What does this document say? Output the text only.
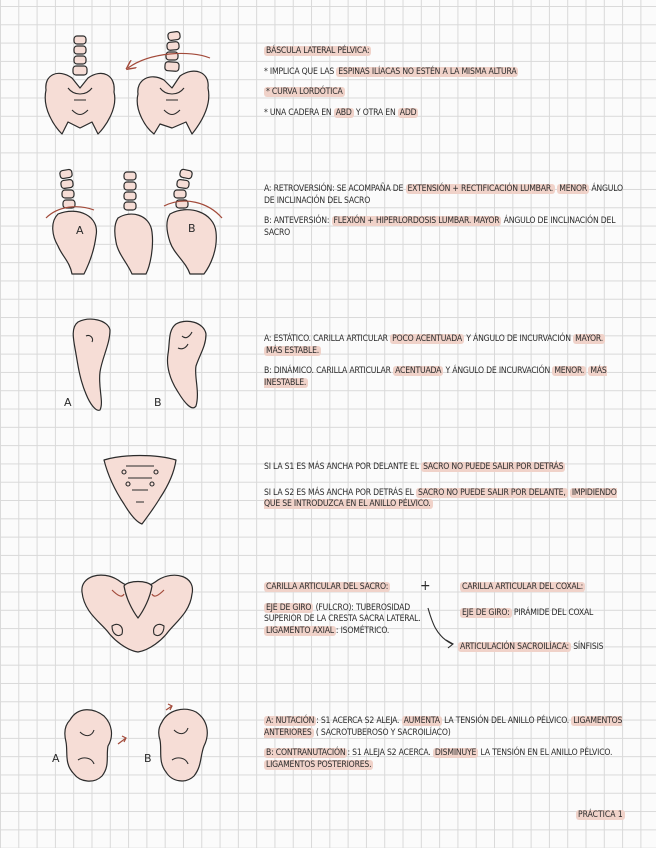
BÁSCULA LATERAL PÉLVICA:
* IMPLICA QUE LAS ESPINAS ILÍACAS NO ESTÉN A LA MISMA ALTURA
* CURVA LORDÓTICA
* UNA CADERA EN ABD Y OTRA EN ADD
A	B
A: RETROVERSIÓN: SE ACOMPAÑA DE EXTENSIÓN + RECTIFICACIÓN LUMBAR. MENOR ÁNGULO DE INCLINACIÓN DEL SACRO
B: ANTEVERSIÓN: FLEXIÓN + HIPERLORDOSIS LUMBAR. MAYOR ÁNGULO DE INCLINACIÓN DEL SACRO
A	B
A: ESTÁTICO. CARILLA ARTICULAR POCO ACENTUADA Y ÁNGULO DE INCURVACIÓN MAYOR. MÁS ESTABLE.
B: DINÁMICO. CARILLA ARTICULAR ACENTUADA Y ÁNGULO DE INCURVACIÓN MENOR. MÁS INESTABLE.
SI LA S1 ES MÁS ANCHA POR DELANTE EL SACRO NO PUEDE SALIR POR DETRÁS
SI LA S2 ES MÁS ANCHA POR DETRÁS EL SACRO NO PUEDE SALIR POR DELANTE, IMPIDIENDO QUE SE INTRODUZCA EN EL ANILLO PÉLVICO.
CARILLA ARTICULAR DEL SACRO:
EJE DE GIRO (FULCRO): TUBEROSIDAD SUPERIOR DE LA CRESTA SACRA LATERAL.
LIGAMENTO AXIAL : ISOMÉTRICO.
+	CARILLA ARTICULAR DEL COXAL:
EJE DE GIRO: PIRÁMIDE DEL COXAL
ARTICULACIÓN SACROILÍACA: SÍNFISIS
A	B
A: NUTACIÓN : S1 ACERCA S2 ALEJA. AUMENTA LA TENSIÓN DEL ANILLO PÉLVICO. LIGAMENTOS ANTERIORES ( SACROTUBEROSO Y SACROILÍACO)
B: CONTRANUTACIÓN : S1 ALEJA S2 ACERCA. DISMINUYE LA TENSIÓN EN EL ANILLO PÉLVICO. LIGAMENTOS POSTERIORES.
PRÁCTICA 1
